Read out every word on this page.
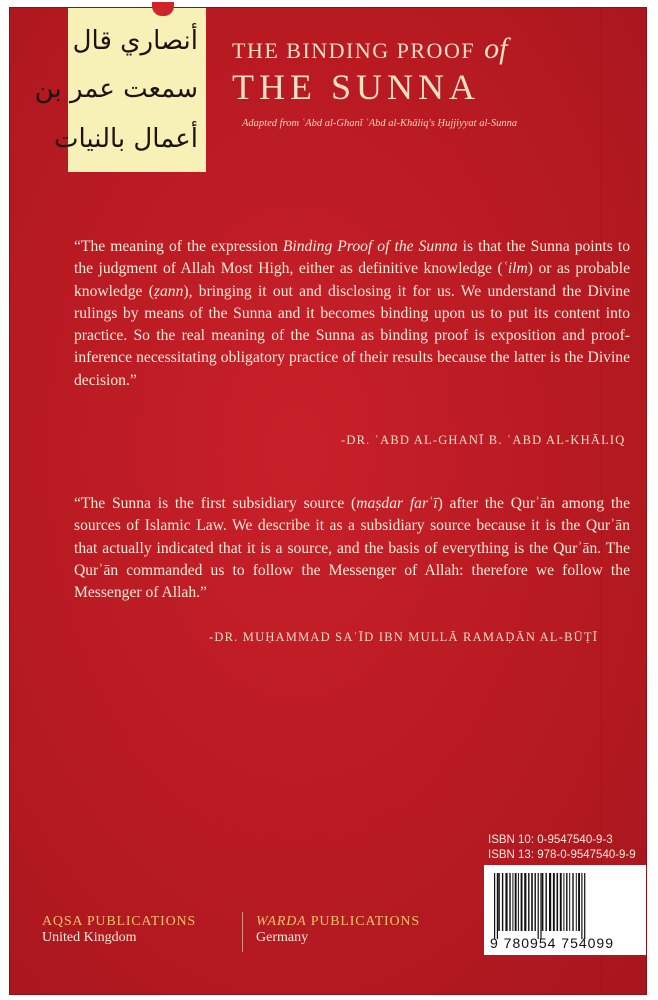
أنصاري قال
سمعت عمر بن
أعمال بالنيات
THE BINDING PROOF of
THE SUNNA
Adapted from ʿAbd al-Ghanī ʿAbd al-Khāliq's Ḥujjiyyat al-Sunna
“The meaning of the expression Binding Proof of the Sunna is that the Sunna points to the judgment of Allah Most High, either as definitive knowledge (ʿilm) or as probable knowledge (ẓann), bringing it out and disclosing it for us. We understand the Divine rulings by means of the Sunna and it becomes binding upon us to put its content into practice. So the real meaning of the Sunna as binding proof is exposition and proof-inference necessitating obligatory practice of their results because the latter is the Divine decision.”
-DR. ʿABD AL-GHANĪ B. ʿABD AL-KHĀLIQ
“The Sunna is the first subsidiary source (maṣdar farʿī) after the Qurʾān among the sources of Islamic Law. We describe it as a subsidiary source because it is the Qurʾān that actually indicated that it is a source, and the basis of everything is the Qurʾān. The Qurʾān commanded us to follow the Messenger of Allah: therefore we follow the Messenger of Allah.”
-DR. MUḤAMMAD SAʿĪD IBN MULLĀ RAMAḌĀN AL-BŪṬĪ
ISBN 10: 0-9547540-9-3
ISBN 13: 978-0-9547540-9-9
9 780954 754099
AQSA PUBLICATIONS
United Kingdom
WARDA PUBLICATIONS
Germany
